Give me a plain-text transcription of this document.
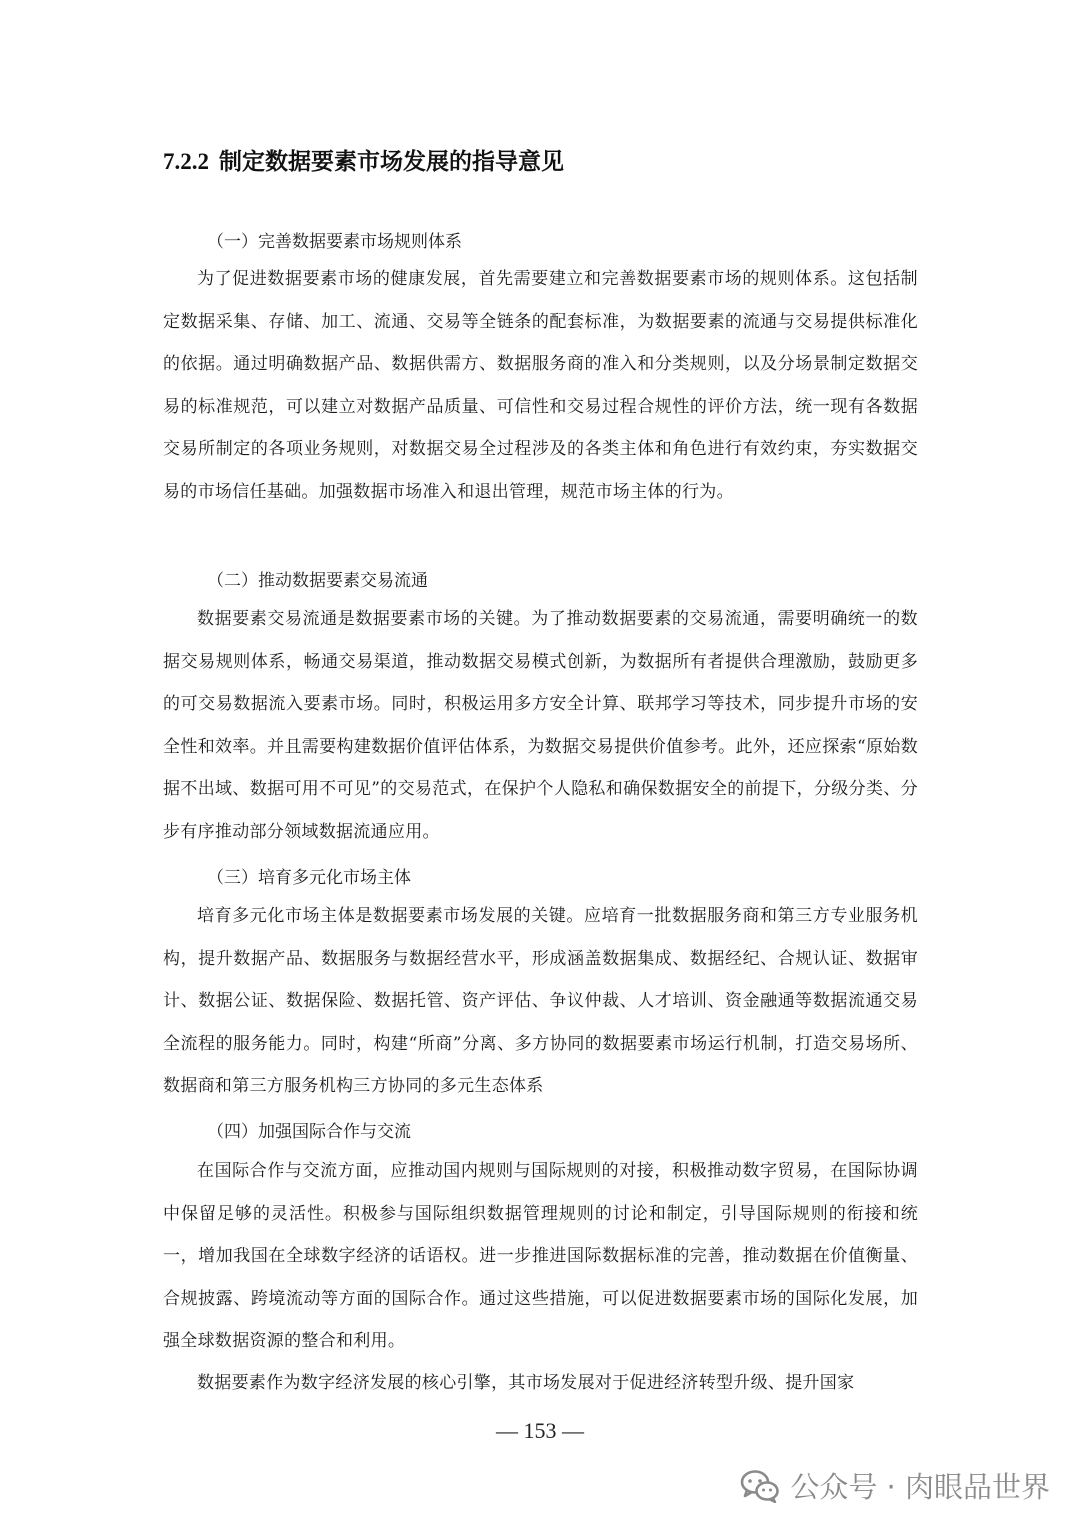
7.2.2 制定数据要素市场发展的指导意见
（一）完善数据要素市场规则体系

为了促进数据要素市场的健康发展，首先需要建立和完善数据要素市场的规则体系。这包括制定数据采集、存储、加工、流通、交易等全链条的配套标准，为数据要素的流通与交易提供标准化的依据。通过明确数据产品、数据供需方、数据服务商的准入和分类规则，以及分场景制定数据交易的标准规范，可以建立对数据产品质量、可信性和交易过程合规性的评价方法，统一现有各数据交易所制定的各项业务规则，对数据交易全过程涉及的各类主体和角色进行有效约束，夯实数据交易的市场信任基础。加强数据市场准入和退出管理，规范市场主体的行为。

（二）推动数据要素交易流通

数据要素交易流通是数据要素市场的关键。为了推动数据要素的交易流通，需要明确统一的数据交易规则体系，畅通交易渠道，推动数据交易模式创新，为数据所有者提供合理激励，鼓励更多的可交易数据流入要素市场。同时，积极运用多方安全计算、联邦学习等技术，同步提升市场的安全性和效率。并且需要构建数据价值评估体系，为数据交易提供价值参考。此外，还应探索“原始数据不出域、数据可用不可见”的交易范式，在保护个人隐私和确保数据安全的前提下，分级分类、分步有序推动部分领域数据流通应用。

（三）培育多元化市场主体

培育多元化市场主体是数据要素市场发展的关键。应培育一批数据服务商和第三方专业服务机构，提升数据产品、数据服务与数据经营水平，形成涵盖数据集成、数据经纪、合规认证、数据审计、数据公证、数据保险、数据托管、资产评估、争议仲裁、人才培训、资金融通等数据流通交易全流程的服务能力。同时，构建“所商”分离、多方协同的数据要素市场运行机制，打造交易场所、数据商和第三方服务机构三方协同的多元生态体系

（四）加强国际合作与交流

在国际合作与交流方面，应推动国内规则与国际规则的对接，积极推动数字贸易，在国际协调中保留足够的灵活性。积极参与国际组织数据管理规则的讨论和制定，引导国际规则的衔接和统一，增加我国在全球数字经济的话语权。进一步推进国际数据标准的完善，推动数据在价值衡量、合规披露、跨境流动等方面的国际合作。通过这些措施，可以促进数据要素市场的国际化发展，加强全球数据资源的整合和利用。

数据要素作为数字经济发展的核心引擎，其市场发展对于促进经济转型升级、提升国家

— 153 —
公众号 · 肉眼品世界
